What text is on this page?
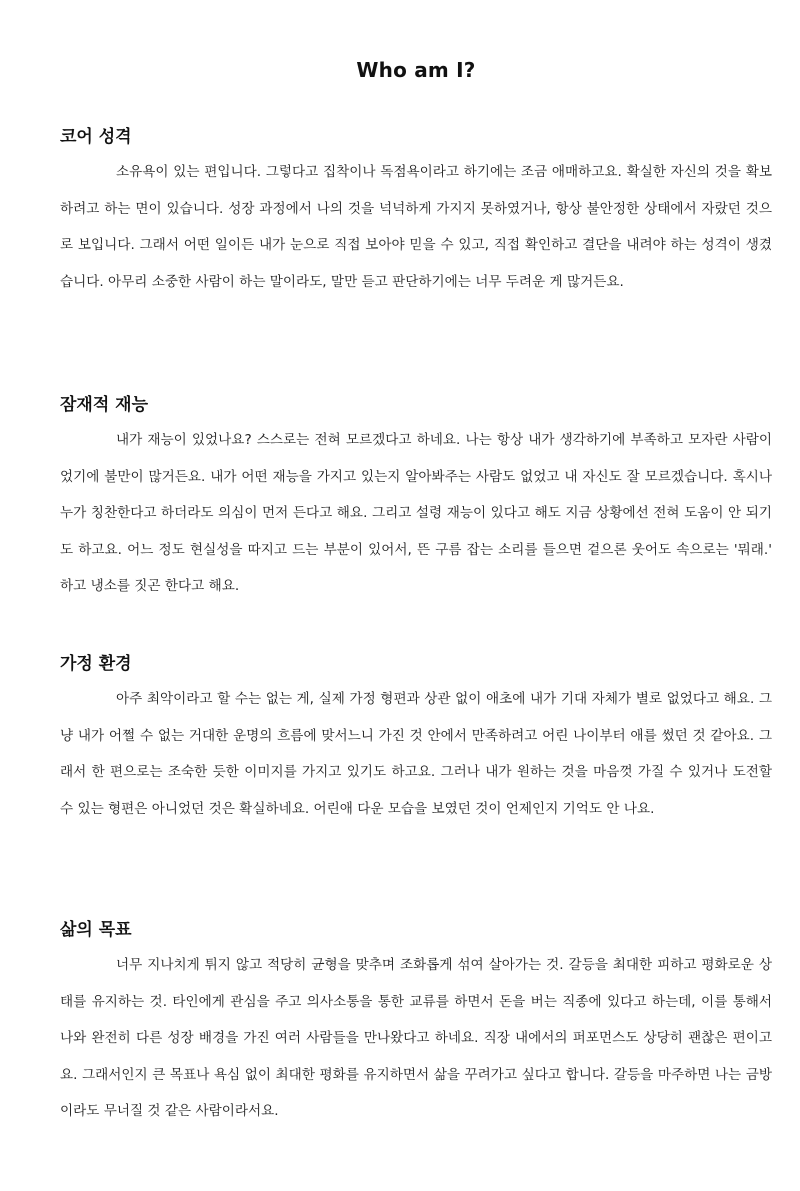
Who am I?
코어 성격

소유욕이 있는 편입니다. 그렇다고 집착이나 독점욕이라고 하기에는 조금 애매하고요. 확실한 자신의 것을 확보하려고 하는 면이 있습니다. 성장 과정에서 나의 것을 넉넉하게 가지지 못하였거나, 항상 불안정한 상태에서 자랐던 것으로 보입니다. 그래서 어떤 일이든 내가 눈으로 직접 보아야 믿을 수 있고, 직접 확인하고 결단을 내려야 하는 성격이 생겼습니다. 아무리 소중한 사람이 하는 말이라도, 말만 듣고 판단하기에는 너무 두려운 게 많거든요.

잠재적 재능

내가 재능이 있었나요? 스스로는 전혀 모르겠다고 하네요. 나는 항상 내가 생각하기에 부족하고 모자란 사람이었기에 불만이 많거든요. 내가 어떤 재능을 가지고 있는지 알아봐주는 사람도 없었고 내 자신도 잘 모르겠습니다. 혹시나 누가 칭찬한다고 하더라도 의심이 먼저 든다고 해요. 그리고 설령 재능이 있다고 해도 지금 상황에선 전혀 도움이 안 되기도 하고요. 어느 정도 현실성을 따지고 드는 부분이 있어서, 뜬 구름 잡는 소리를 들으면 겉으론 웃어도 속으로는 '뭐래.' 하고 냉소를 짓곤 한다고 해요.

가정 환경

아주 최악이라고 할 수는 없는 게, 실제 가정 형편과 상관 없이 애초에 내가 기대 자체가 별로 없었다고 해요. 그냥 내가 어쩔 수 없는 거대한 운명의 흐름에 맞서느니 가진 것 안에서 만족하려고 어린 나이부터 애를 썼던 것 같아요. 그래서 한 편으로는 조숙한 듯한 이미지를 가지고 있기도 하고요. 그러나 내가 원하는 것을 마음껏 가질 수 있거나 도전할 수 있는 형편은 아니었던 것은 확실하네요. 어린애 다운 모습을 보였던 것이 언제인지 기억도 안 나요.

삶의 목표

너무 지나치게 튀지 않고 적당히 균형을 맞추며 조화롭게 섞여 살아가는 것. 갈등을 최대한 피하고 평화로운 상태를 유지하는 것. 타인에게 관심을 주고 의사소통을 통한 교류를 하면서 돈을 버는 직종에 있다고 하는데, 이를 통해서 나와 완전히 다른 성장 배경을 가진 여러 사람들을 만나왔다고 하네요. 직장 내에서의 퍼포먼스도 상당히 괜찮은 편이고요. 그래서인지 큰 목표나 욕심 없이 최대한 평화를 유지하면서 삶을 꾸려가고 싶다고 합니다. 갈등을 마주하면 나는 금방이라도 무너질 것 같은 사람이라서요.
